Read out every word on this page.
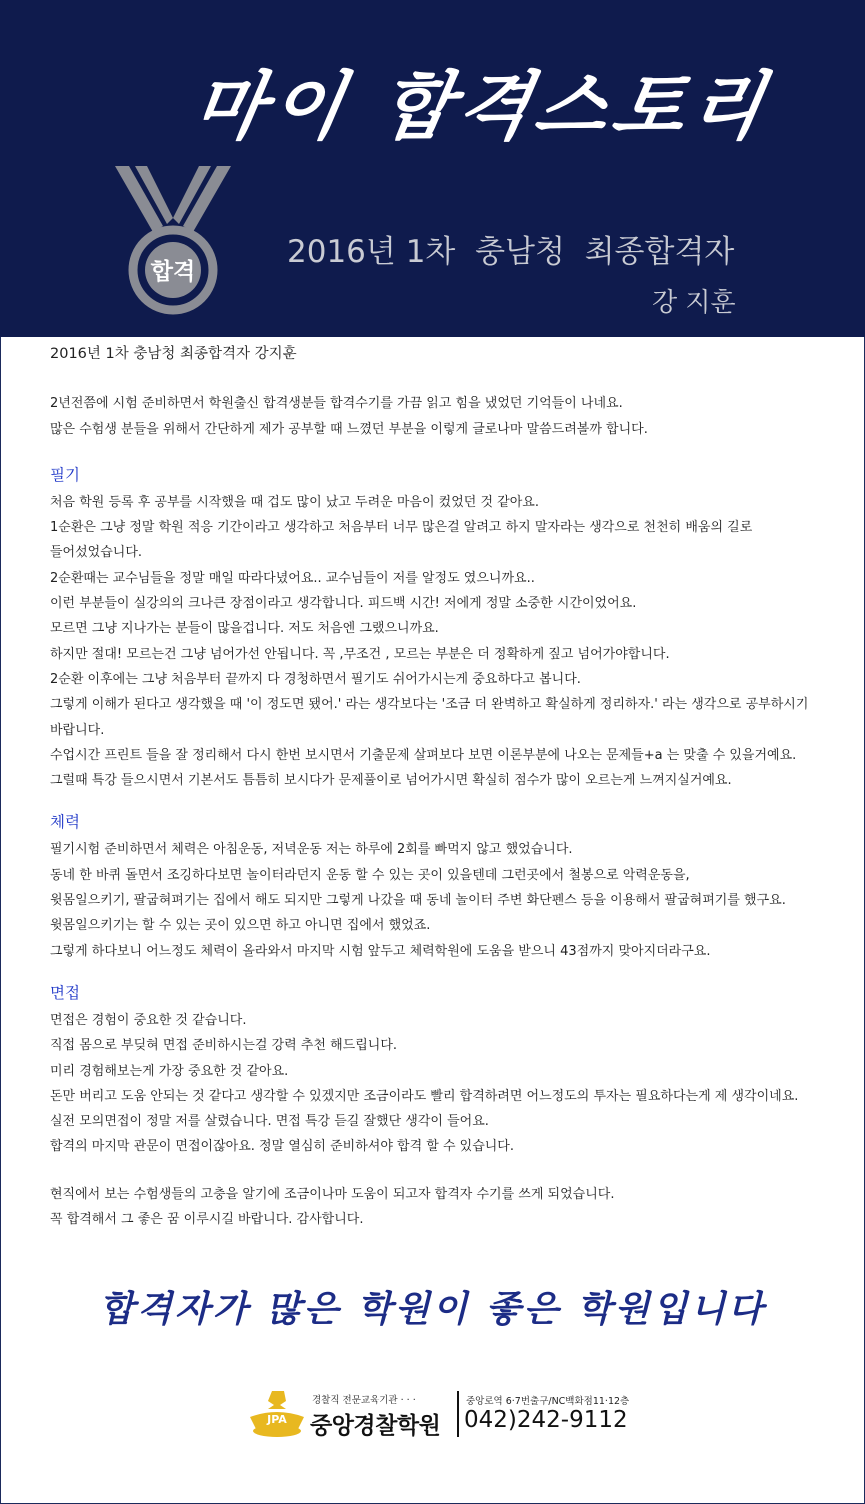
마이 합격스토리
합격
2016년 1차  충남청  최종합격자
강 지훈
2016년 1차 충남청 최종합격자 강지훈
2년전쯤에 시험 준비하면서 학원출신 합격생분들 합격수기를 가끔 읽고 힘을 냈었던 기억들이 나네요.
많은 수험생 분들을 위해서 간단하게 제가 공부할 때 느꼈던 부분을 이렇게 글로나마 말씀드려볼까 합니다.
필기
처음 학원 등록 후 공부를 시작했을 때 겁도 많이 났고 두려운 마음이 컸었던 것 같아요.
1순환은 그냥 정말 학원 적응 기간이라고 생각하고 처음부터 너무 많은걸 알려고 하지 말자라는 생각으로 천천히 배움의 길로
들어섰었습니다.
2순환때는 교수님들을 정말 매일 따라다녔어요.. 교수님들이 저를 알정도 였으니까요..
이런 부분들이 실강의의 크나큰 장점이라고 생각합니다. 피드백 시간! 저에게 정말 소중한 시간이었어요.
모르면 그냥 지나가는 분들이 많을겁니다. 저도 처음엔 그랬으니까요.
하지만 절대! 모르는건 그냥 넘어가선 안됩니다. 꼭 ,무조건 , 모르는 부분은 더 정확하게 짚고 넘어가야합니다.
2순환 이후에는 그냥 처음부터 끝까지 다 경청하면서 필기도 쉬어가시는게 중요하다고 봅니다.
그렇게 이해가 된다고 생각했을 때 '이 정도면 됐어.' 라는 생각보다는 '조금 더 완벽하고 확실하게 정리하자.' 라는 생각으로 공부하시기
바랍니다.
수업시간 프린트 들을 잘 정리해서 다시 한번 보시면서 기출문제 살펴보다 보면 이론부분에 나오는 문제들+a 는 맞출 수 있을거예요.
그럴때 특강 들으시면서 기본서도 틈틈히 보시다가 문제풀이로 넘어가시면 확실히 점수가 많이 오르는게 느껴지실거예요.
체력
필기시험 준비하면서 체력은 아침운동, 저녁운동 저는 하루에 2회를 빠먹지 않고 했었습니다.
동네 한 바퀴 돌면서 조깅하다보면 놀이터라던지 운동 할 수 있는 곳이 있을텐데 그런곳에서 철봉으로 악력운동을,
윗몸일으키기, 팔굽혀펴기는 집에서 해도 되지만 그렇게 나갔을 때 동네 놀이터 주변 화단펜스 등을 이용해서 팔굽혀펴기를 했구요.
윗몸일으키기는 할 수 있는 곳이 있으면 하고 아니면 집에서 했었죠.
그렇게 하다보니 어느정도 체력이 올라와서 마지막 시험 앞두고 체력학원에 도움을 받으니 43점까지 맞아지더라구요.
면접
면접은 경험이 중요한 것 같습니다.
직접 몸으로 부딪혀 면접 준비하시는걸 강력 추천 해드립니다.
미리 경험해보는게 가장 중요한 것 같아요.
돈만 버리고 도움 안되는 것 같다고 생각할 수 있겠지만 조금이라도 빨리 합격하려면 어느정도의 투자는 필요하다는게 제 생각이네요.
실전 모의면접이 정말 저를 살렸습니다. 면접 특강 듣길 잘했단 생각이 들어요.
합격의 마지막 관문이 면접이잖아요. 정말 열심히 준비하셔야 합격 할 수 있습니다.
현직에서 보는 수험생들의 고충을 알기에 조금이나마 도움이 되고자 합격자 수기를 쓰게 되었습니다.
꼭 합격해서 그 좋은 꿈 이루시길 바랍니다. 감사합니다.
합격자가 많은 학원이 좋은 학원입니다
JPA
경찰직 전문교육기관 · · ·
중앙경찰학원
중앙로역 6·7번출구/NC백화점11·12층
042)242-9112
